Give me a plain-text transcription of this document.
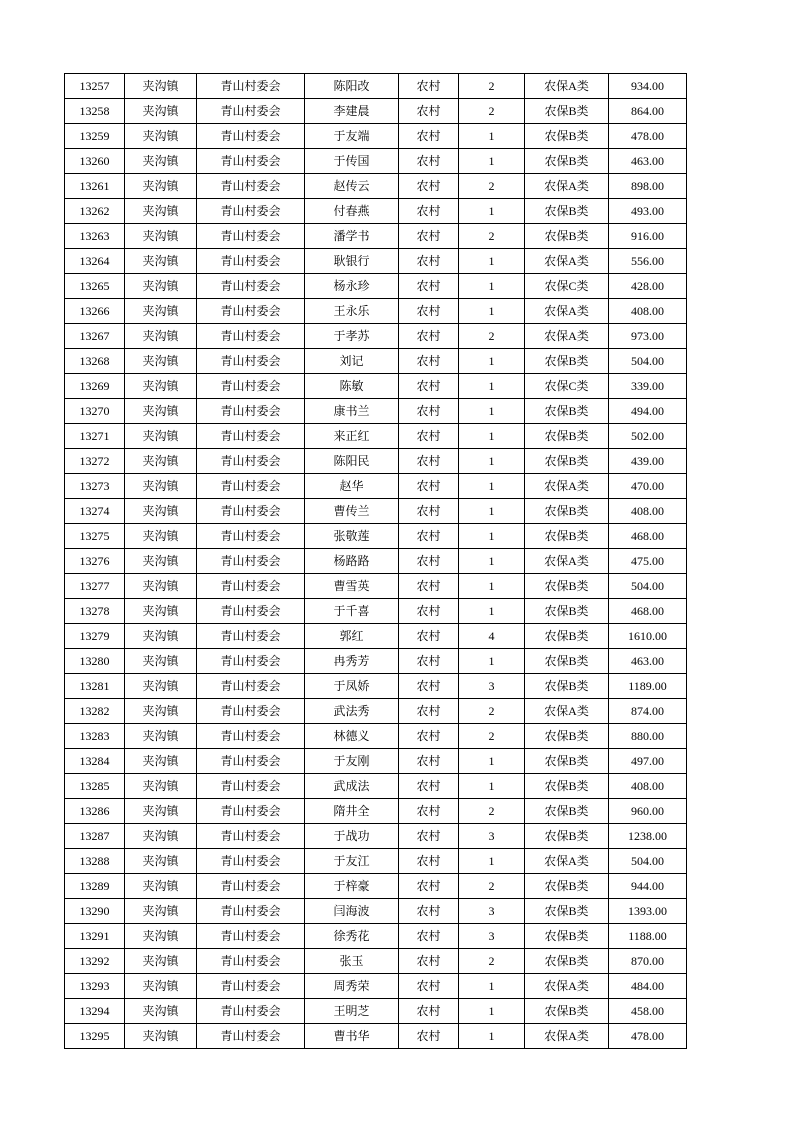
13257	夹沟镇	青山村委会	陈阳改	农村	2	农保A类	934.00
13258	夹沟镇	青山村委会	李建晨	农村	2	农保B类	864.00
13259	夹沟镇	青山村委会	于友端	农村	1	农保B类	478.00
13260	夹沟镇	青山村委会	于传国	农村	1	农保B类	463.00
13261	夹沟镇	青山村委会	赵传云	农村	2	农保A类	898.00
13262	夹沟镇	青山村委会	付春燕	农村	1	农保B类	493.00
13263	夹沟镇	青山村委会	潘学书	农村	2	农保B类	916.00
13264	夹沟镇	青山村委会	耿银行	农村	1	农保A类	556.00
13265	夹沟镇	青山村委会	杨永珍	农村	1	农保C类	428.00
13266	夹沟镇	青山村委会	王永乐	农村	1	农保A类	408.00
13267	夹沟镇	青山村委会	于孝苏	农村	2	农保A类	973.00
13268	夹沟镇	青山村委会	刘记	农村	1	农保B类	504.00
13269	夹沟镇	青山村委会	陈敏	农村	1	农保C类	339.00
13270	夹沟镇	青山村委会	康书兰	农村	1	农保B类	494.00
13271	夹沟镇	青山村委会	来正红	农村	1	农保B类	502.00
13272	夹沟镇	青山村委会	陈阳民	农村	1	农保B类	439.00
13273	夹沟镇	青山村委会	赵华	农村	1	农保A类	470.00
13274	夹沟镇	青山村委会	曹传兰	农村	1	农保B类	408.00
13275	夹沟镇	青山村委会	张敬莲	农村	1	农保B类	468.00
13276	夹沟镇	青山村委会	杨路路	农村	1	农保A类	475.00
13277	夹沟镇	青山村委会	曹雪英	农村	1	农保B类	504.00
13278	夹沟镇	青山村委会	于千喜	农村	1	农保B类	468.00
13279	夹沟镇	青山村委会	郭红	农村	4	农保B类	1610.00
13280	夹沟镇	青山村委会	冉秀芳	农村	1	农保B类	463.00
13281	夹沟镇	青山村委会	于凤娇	农村	3	农保B类	1189.00
13282	夹沟镇	青山村委会	武法秀	农村	2	农保A类	874.00
13283	夹沟镇	青山村委会	林德义	农村	2	农保B类	880.00
13284	夹沟镇	青山村委会	于友刚	农村	1	农保B类	497.00
13285	夹沟镇	青山村委会	武成法	农村	1	农保B类	408.00
13286	夹沟镇	青山村委会	隋井全	农村	2	农保B类	960.00
13287	夹沟镇	青山村委会	于战功	农村	3	农保B类	1238.00
13288	夹沟镇	青山村委会	于友江	农村	1	农保A类	504.00
13289	夹沟镇	青山村委会	于梓豪	农村	2	农保B类	944.00
13290	夹沟镇	青山村委会	闫海波	农村	3	农保B类	1393.00
13291	夹沟镇	青山村委会	徐秀花	农村	3	农保B类	1188.00
13292	夹沟镇	青山村委会	张玉	农村	2	农保B类	870.00
13293	夹沟镇	青山村委会	周秀荣	农村	1	农保A类	484.00
13294	夹沟镇	青山村委会	王明芝	农村	1	农保B类	458.00
13295	夹沟镇	青山村委会	曹书华	农村	1	农保A类	478.00
